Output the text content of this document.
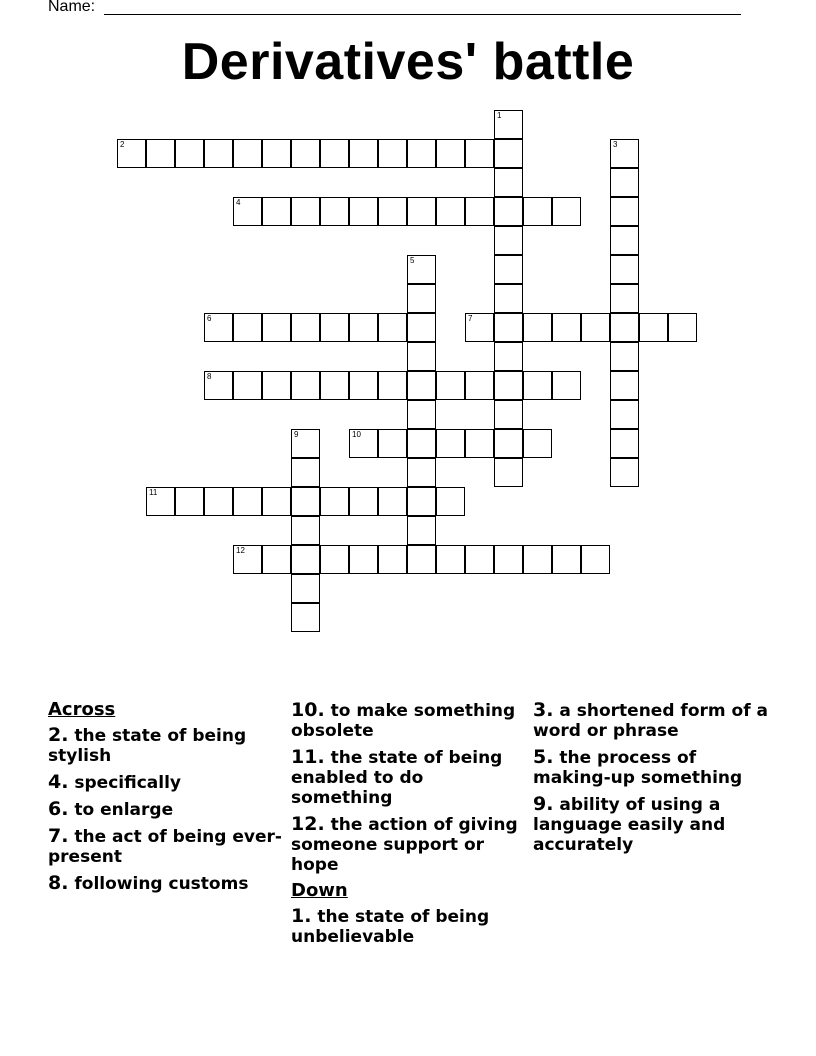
Name:
Derivatives' battle
1
2	3
4
5
6	7
8
9	10
11
12
Across
2. the state of being stylish
4. specifically
6. to enlarge
7. the act of being ever-present
8. following customs
10. to make something obsolete
11. the state of being enabled to do something
12. the action of giving someone support or hope
Down
1. the state of being unbelievable
3. a shortened form of a word or phrase
5. the process of making-up something
9. ability of using a language easily and accurately
